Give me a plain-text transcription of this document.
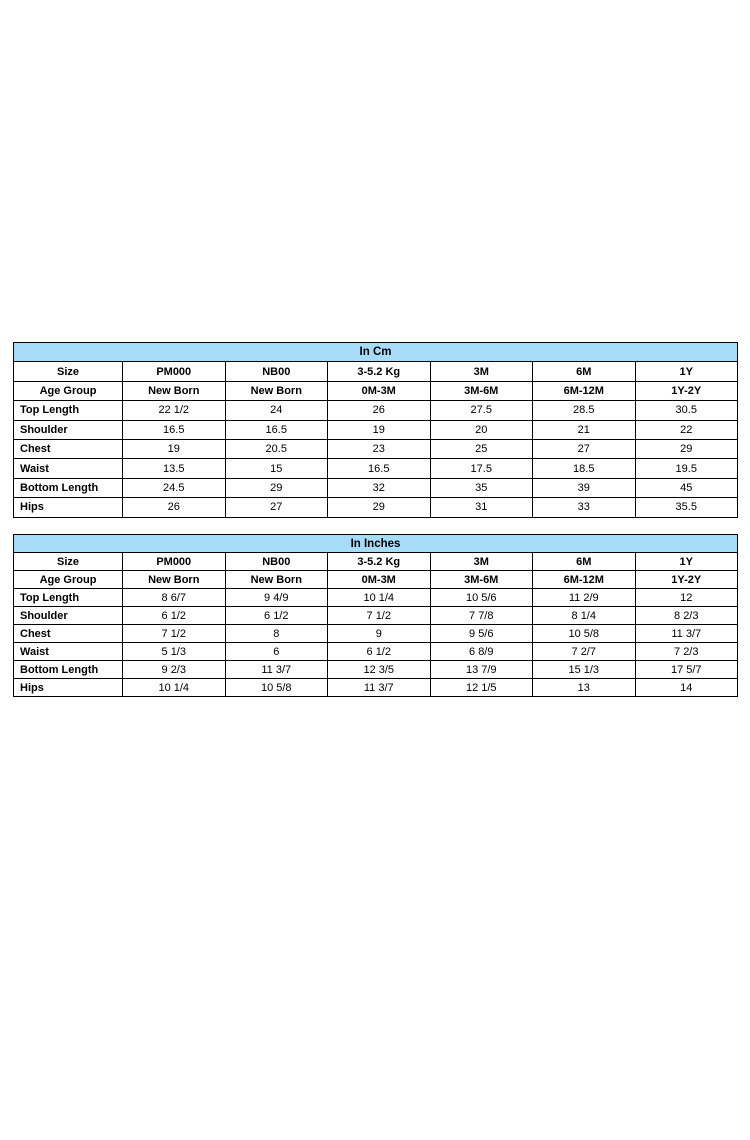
In Cm						
Size	PM000	NB00	3-5.2 Kg	3M	6M	1Y
Age Group	New Born	New Born	0M-3M	3M-6M	6M-12M	1Y-2Y
Top Length	22 1/2	24	26	27.5	28.5	30.5
Shoulder	16.5	16.5	19	20	21	22
Chest	19	20.5	23	25	27	29
Waist	13.5	15	16.5	17.5	18.5	19.5
Bottom Length	24.5	29	32	35	39	45
Hips	26	27	29	31	33	35.5
In Inches						
Size	PM000	NB00	3-5.2 Kg	3M	6M	1Y
Age Group	New Born	New Born	0M-3M	3M-6M	6M-12M	1Y-2Y
Top Length	8 6/7	9 4/9	10 1/4	10 5/6	11 2/9	12
Shoulder	6 1/2	6 1/2	7 1/2	7 7/8	8 1/4	8 2/3
Chest	7 1/2	8	9	9 5/6	10 5/8	11 3/7
Waist	5 1/3	6	6 1/2	6 8/9	7 2/7	7 2/3
Bottom Length	9 2/3	11 3/7	12 3/5	13 7/9	15 1/3	17 5/7
Hips	10 1/4	10 5/8	11 3/7	12 1/5	13	14
